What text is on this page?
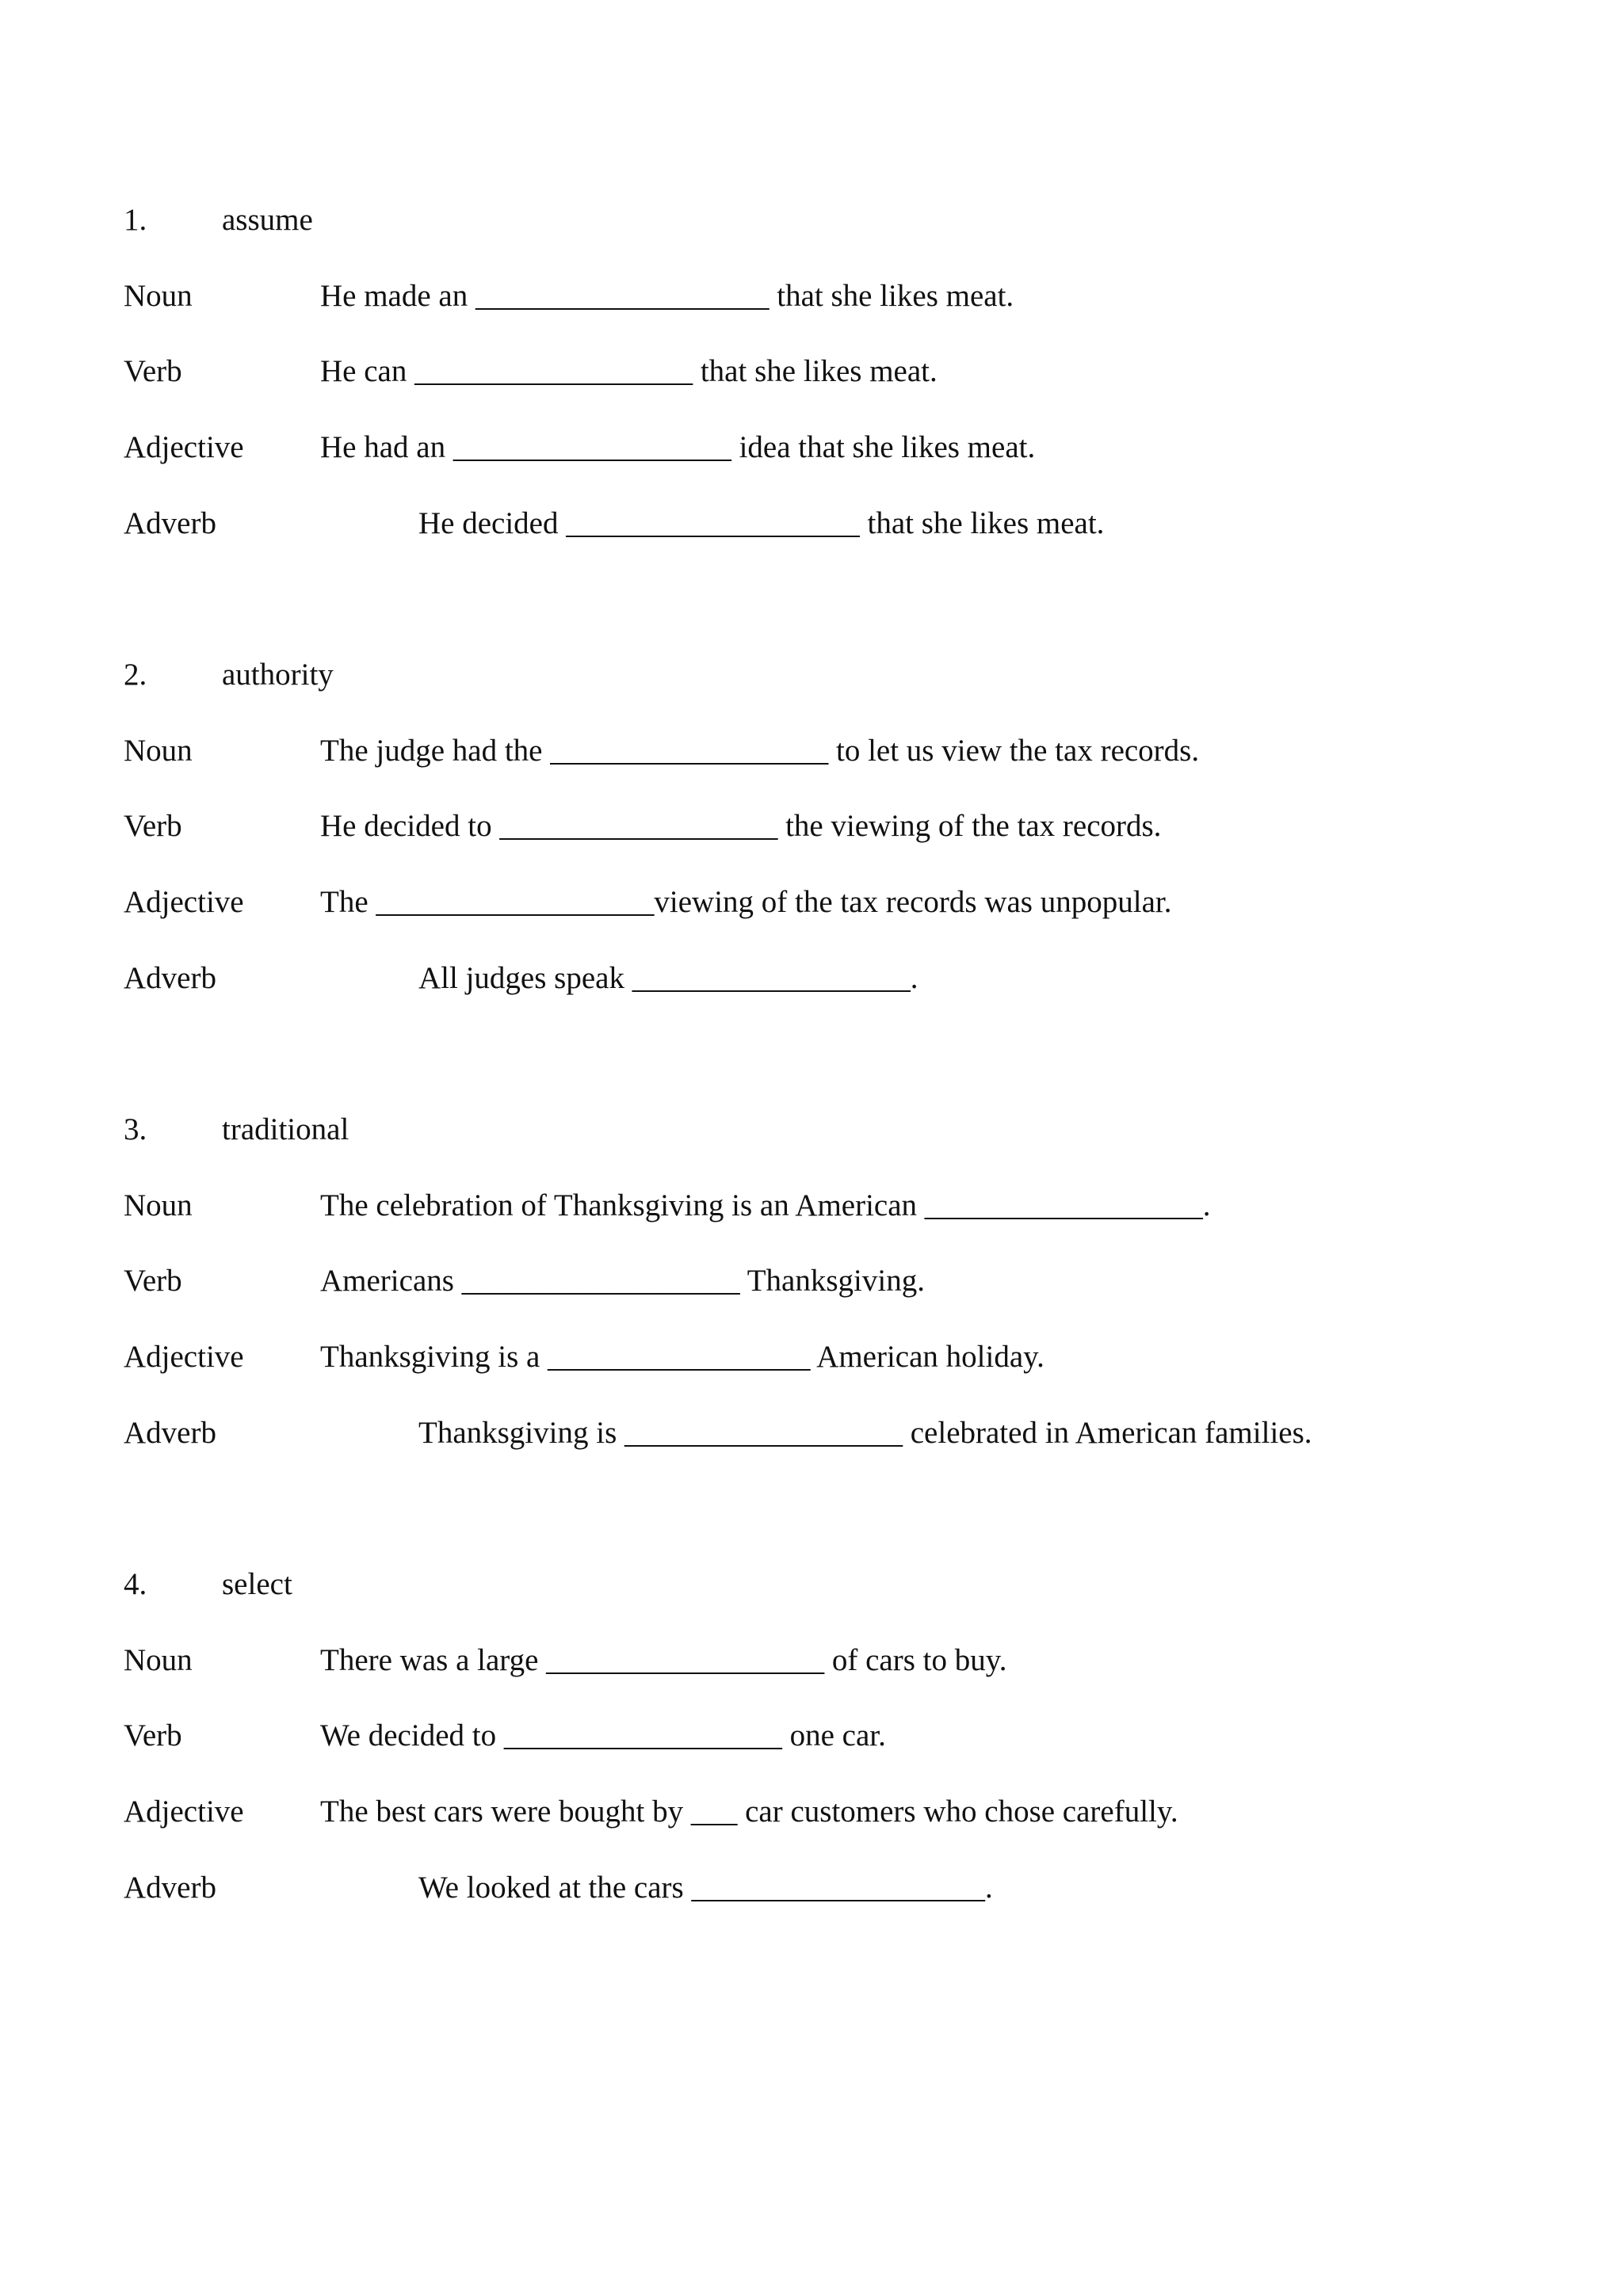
1. assume
Noun	He made an ___________________ that she likes meat.
Verb	He can __________________ that she likes meat.
Adjective He had an __________________ idea that she likes meat.
Adverb	He decided ___________________ that she likes meat.
2. authority
Noun	The judge had the __________________ to let us view the tax records.
Verb	He decided to __________________ the viewing of the tax records.
Adjective The __________________viewing of the tax records was unpopular.
Adverb	All judges speak __________________.
3. traditional
Noun	The celebration of Thanksgiving is an American __________________.
Verb	Americans __________________ Thanksgiving.
Adjective Thanksgiving is a _________________ American holiday.
Adverb	Thanksgiving is __________________ celebrated in American families.
4. select
Noun	There was a large __________________ of cars to buy.
Verb	We decided to __________________ one car.
Adjective The best cars were bought by ___ car customers who chose carefully.
Adverb	We looked at the cars ___________________.
